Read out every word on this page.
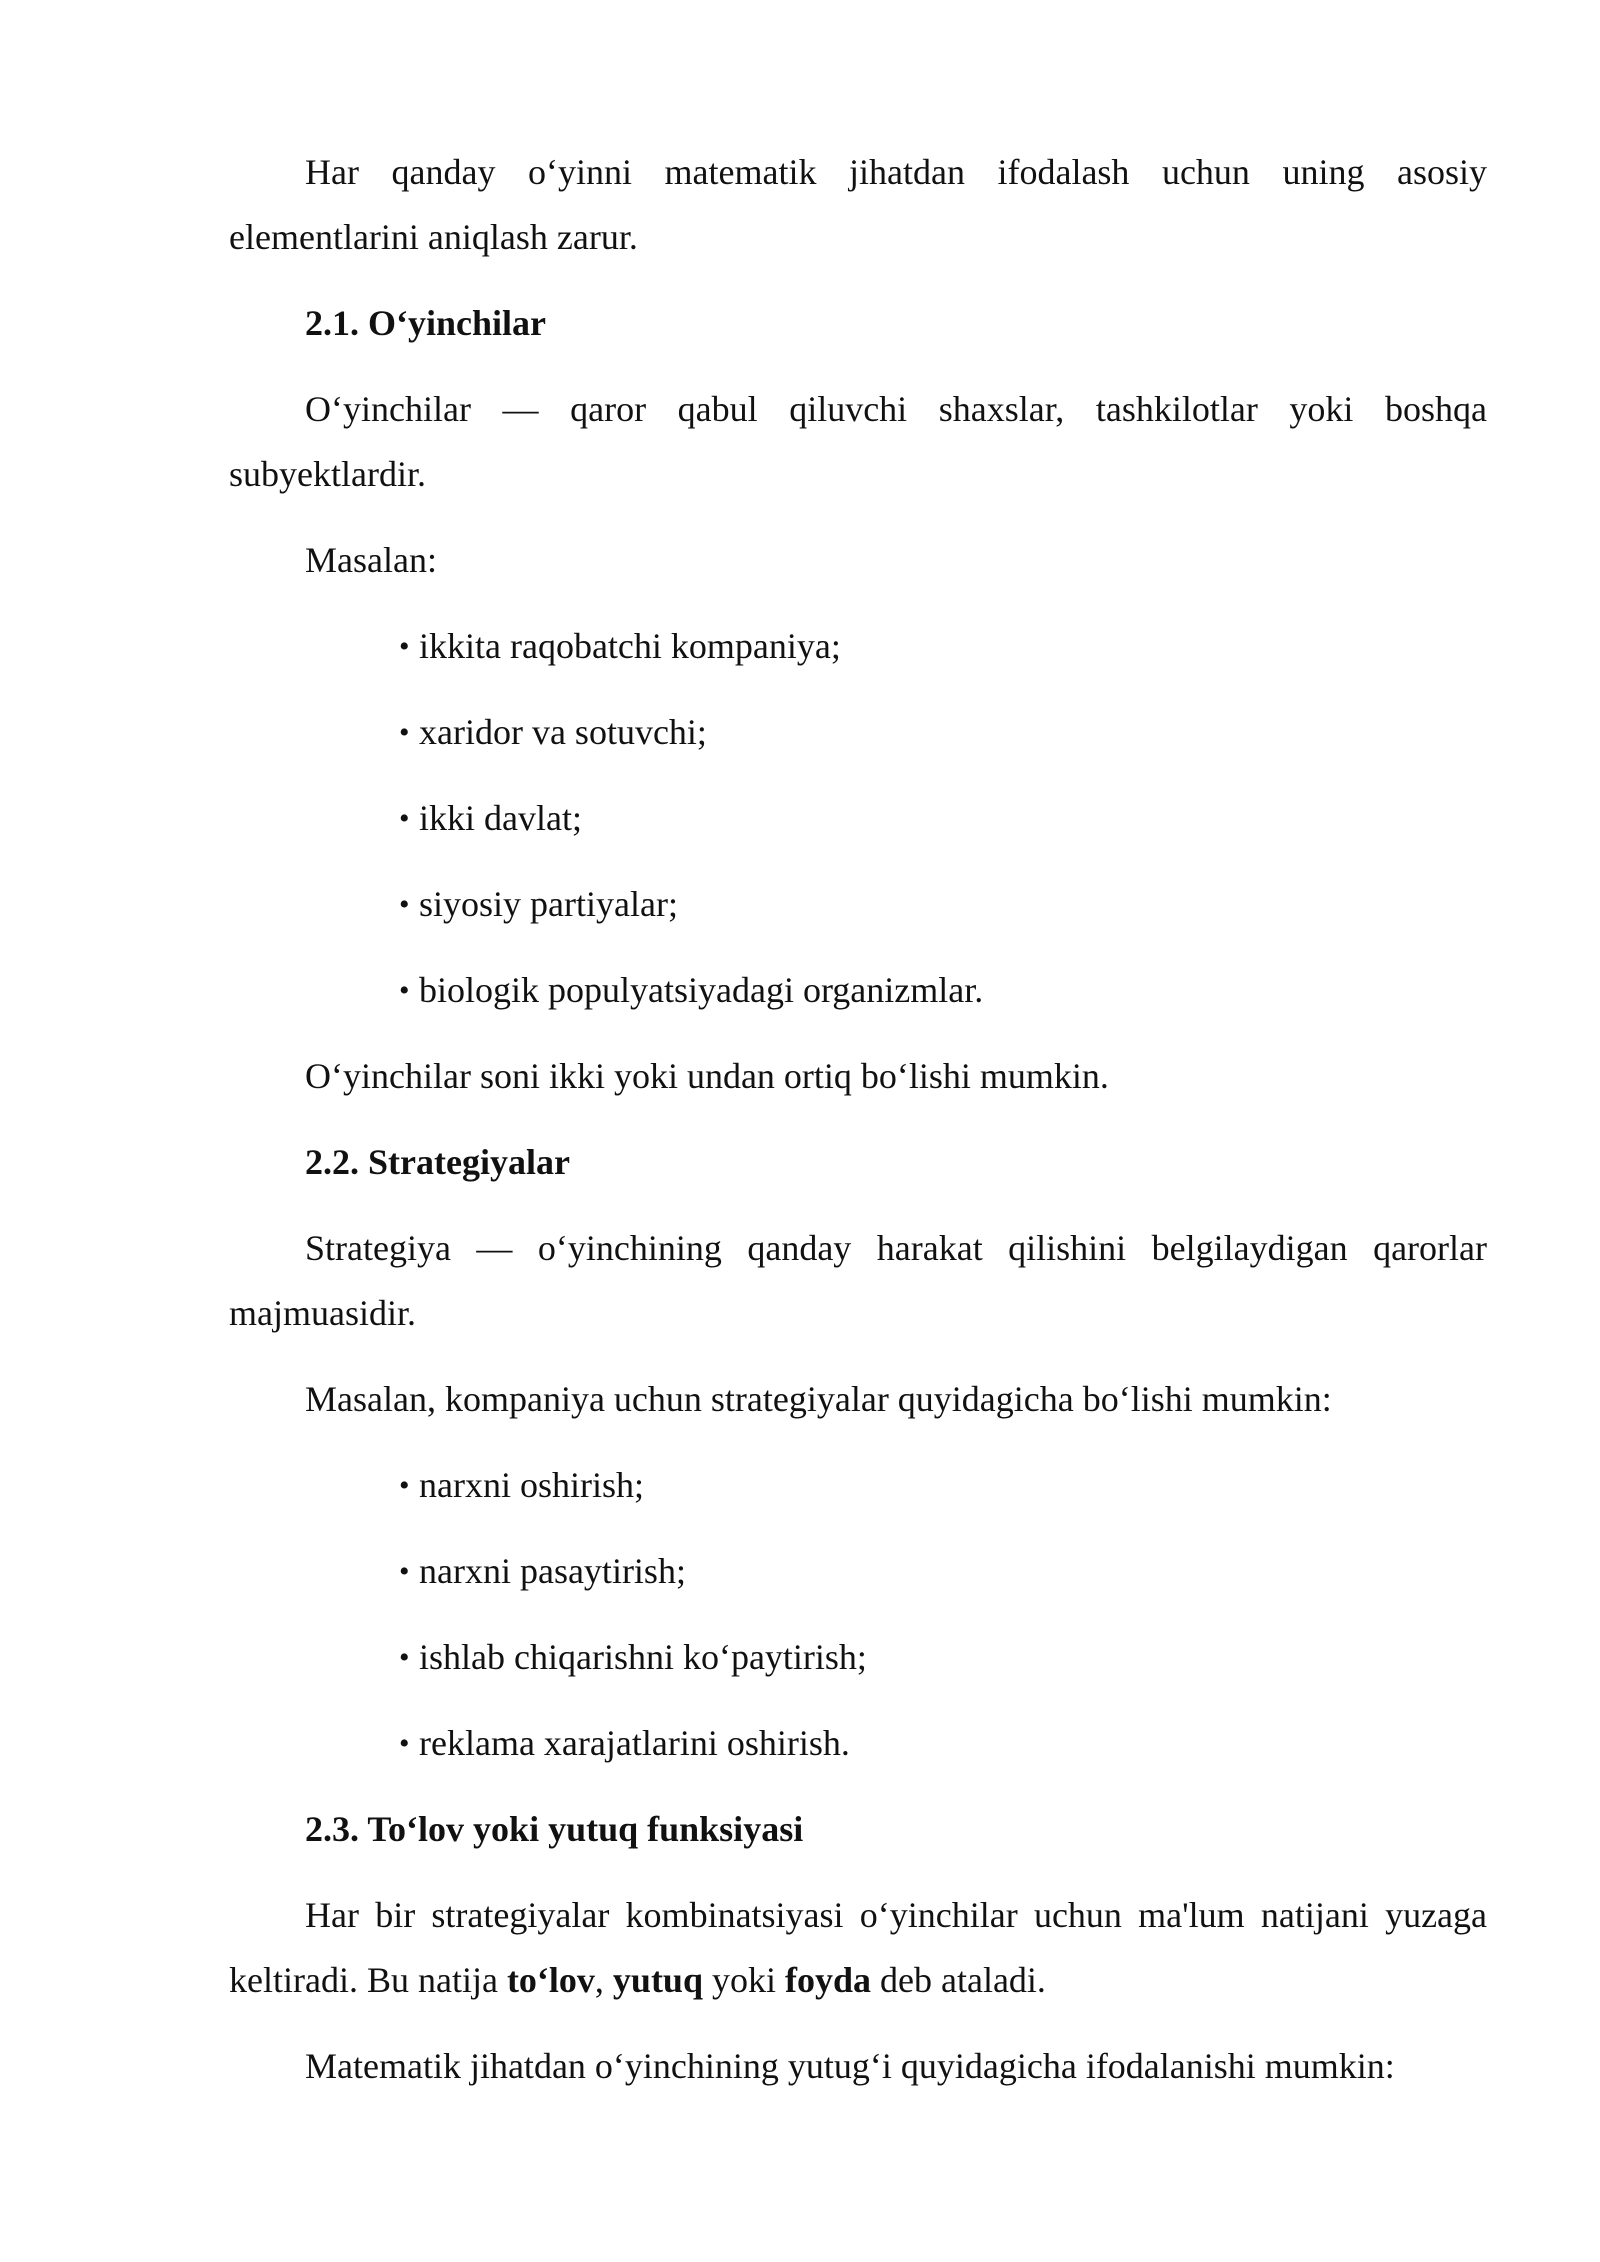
Har qanday o‘yinni matematik jihatdan ifodalash uchun uning asosiy elementlarini aniqlash zarur.

2.1. O‘yinchilar

O‘yinchilar — qaror qabul qiluvchi shaxslar, tashkilotlar yoki boshqa subyektlardir.

Masalan:

• ikkita raqobatchi kompaniya;
• xaridor va sotuvchi;
• ikki davlat;
• siyosiy partiyalar;
• biologik populyatsiyadagi organizmlar.

O‘yinchilar soni ikki yoki undan ortiq bo‘lishi mumkin.

2.2. Strategiyalar

Strategiya — o‘yinchining qanday harakat qilishini belgilaydigan qarorlar majmuasidir.

Masalan, kompaniya uchun strategiyalar quyidagicha bo‘lishi mumkin:

• narxni oshirish;
• narxni pasaytirish;
• ishlab chiqarishni ko‘paytirish;
• reklama xarajatlarini oshirish.

2.3. To‘lov yoki yutuq funksiyasi

Har bir strategiyalar kombinatsiyasi o‘yinchilar uchun ma'lum natijani yuzaga keltiradi. Bu natija to‘lov, yutuq yoki foyda deb ataladi.

Matematik jihatdan o‘yinchining yutug‘i quyidagicha ifodalanishi mumkin:
